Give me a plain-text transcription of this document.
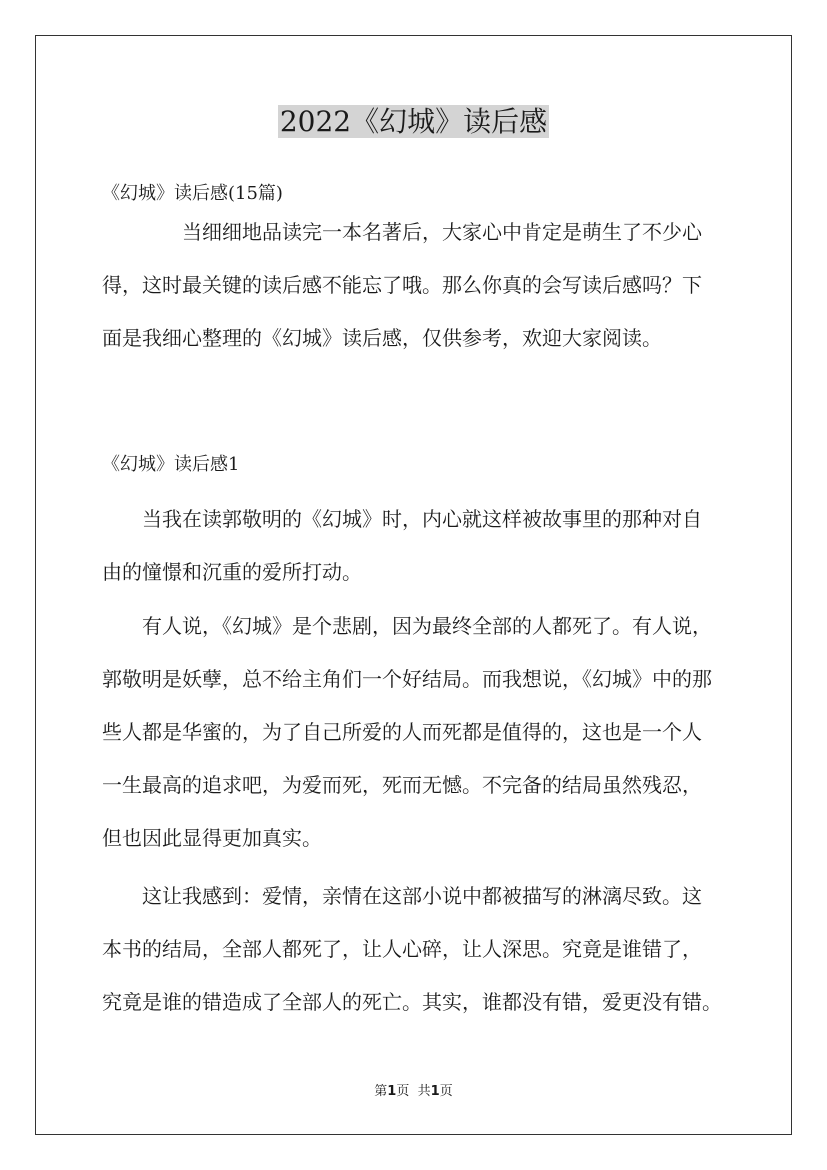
2022《幻城》读后感

《幻城》读后感(15篇)

当细细地品读完一本名著后，大家心中肯定是萌生了不少心
得，这时最关键的读后感不能忘了哦。那么你真的会写读后感吗？下
面是我细心整理的《幻城》读后感，仅供参考，欢迎大家阅读。

《幻城》读后感1

当我在读郭敬明的《幻城》时，内心就这样被故事里的那种对自
由的憧憬和沉重的爱所打动。

有人说，《幻城》是个悲剧，因为最终全部的人都死了。有人说，
郭敬明是妖孽，总不给主角们一个好结局。而我想说，《幻城》中的那
些人都是华蜜的，为了自己所爱的人而死都是值得的，这也是一个人
一生最高的追求吧，为爱而死，死而无憾。不完备的结局虽然残忍，
但也因此显得更加真实。

这让我感到：爱情，亲情在这部小说中都被描写的淋漓尽致。这
本书的结局，全部人都死了，让人心碎，让人深思。究竟是谁错了，
究竟是谁的错造成了全部人的死亡。其实，谁都没有错，爱更没有错。

第1页 共1页
